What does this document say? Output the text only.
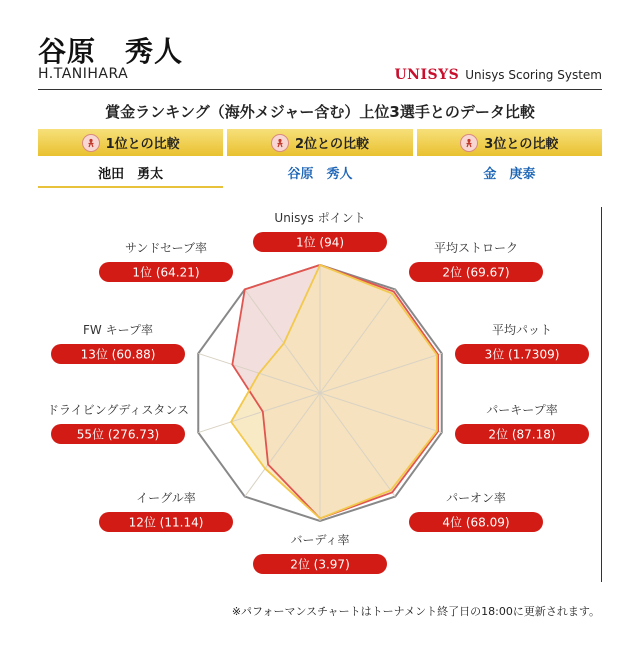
谷原　秀人
H.TANIHARA	UNISYS Unisys Scoring System
賞金ランキング（海外メジャー含む）上位3選手とのデータ比較
1位との比較	2位との比較	3位との比較
池田　勇太	谷原　秀人	金　庚泰
Unisys ポイント
1位 (94)	平均ストローク
2位 (69.67)
平均パット
3位 (1.7309)
パーキープ率
2位 (87.18)
パーオン率
4位 (68.09)
バーディ率
2位 (3.97)
イーグル率
12位 (11.14)
ドライビングディスタンス
55位 (276.73)
FW キープ率
13位 (60.88)
サンドセーブ率
1位 (64.21)
※パフォーマンスチャートはトーナメント終了日の18:00に更新されます。
